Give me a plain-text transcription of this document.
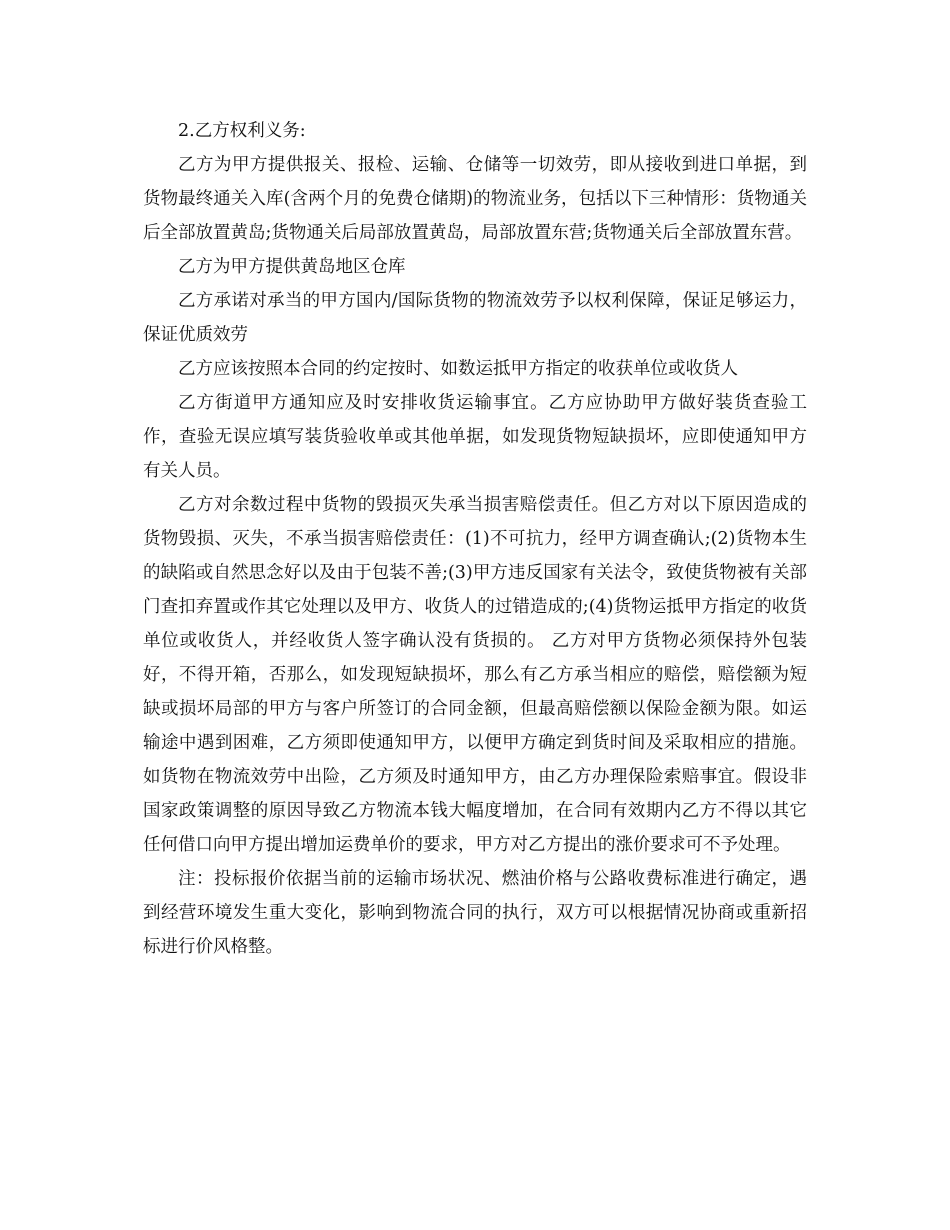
2.乙方权利义务:

乙方为甲方提供报关、报检、运输、仓储等一切效劳，即从接收到进口单据，到货物最终通关入库(含两个月的免费仓储期)的物流业务，包括以下三种情形：货物通关后全部放置黄岛;货物通关后局部放置黄岛，局部放置东营;货物通关后全部放置东营。

乙方为甲方提供黄岛地区仓库

乙方承诺对承当的甲方国内/国际货物的物流效劳予以权利保障，保证足够运力，保证优质效劳

乙方应该按照本合同的约定按时、如数运抵甲方指定的收获单位或收货人

乙方街道甲方通知应及时安排收货运输事宜。乙方应协助甲方做好装货查验工作，查验无误应填写装货验收单或其他单据，如发现货物短缺损坏，应即使通知甲方有关人员。

乙方对余数过程中货物的毁损灭失承当损害赔偿责任。但乙方对以下原因造成的货物毁损、灭失，不承当损害赔偿责任：(1)不可抗力，经甲方调查确认;(2)货物本生的缺陷或自然思念好以及由于包装不善;(3)甲方违反国家有关法令，致使货物被有关部门查扣弃置或作其它处理以及甲方、收货人的过错造成的;(4)货物运抵甲方指定的收货单位或收货人，并经收货人签字确认没有货损的。 乙方对甲方货物必须保持外包装好，不得开箱，否那么，如发现短缺损坏，那么有乙方承当相应的赔偿，赔偿额为短缺或损坏局部的甲方与客户所签订的合同金额，但最高赔偿额以保险金额为限。如运输途中遇到困难，乙方须即使通知甲方，以便甲方确定到货时间及采取相应的措施。如货物在物流效劳中出险，乙方须及时通知甲方，由乙方办理保险索赔事宜。假设非国家政策调整的原因导致乙方物流本钱大幅度增加，在合同有效期内乙方不得以其它任何借口向甲方提出增加运费单价的要求，甲方对乙方提出的涨价要求可不予处理。

注：投标报价依据当前的运输市场状况、燃油价格与公路收费标准进行确定，遇到经营环境发生重大变化，影响到物流合同的执行，双方可以根据情况协商或重新招标进行价风格整。
